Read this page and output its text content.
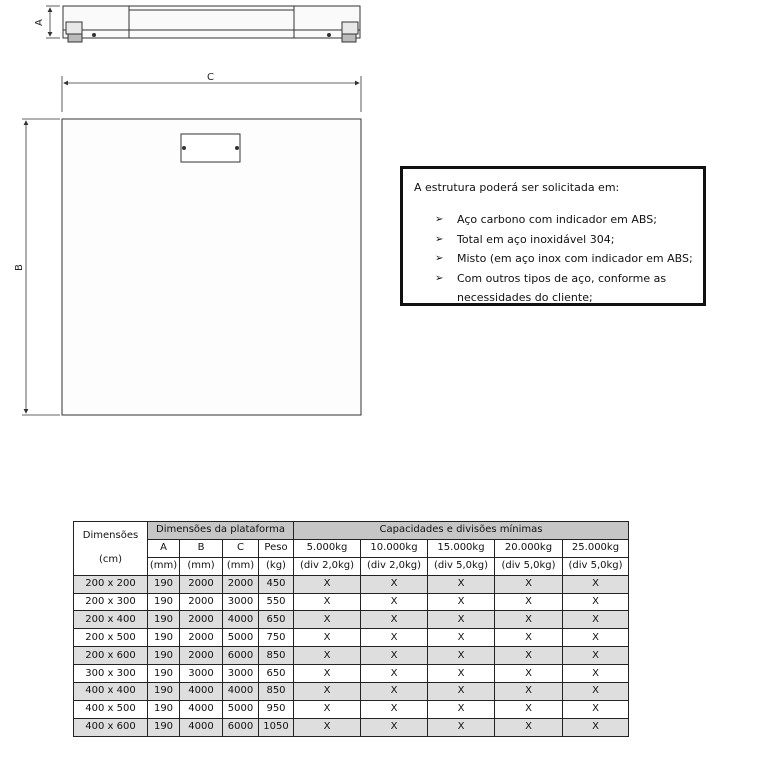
A
C
B
A estrutura poderá ser solicitada em:
➢ Aço carbono com indicador em ABS;
➢ Total em aço inoxidável 304;
➢ Misto (em aço inox com indicador em ABS;
➢ Com outros tipos de aço, conforme as
necessidades do cliente;
Dimensões
(cm)	Dimensões da plataforma				Capacidades e divisões mínimas				
	A	B	C	Peso	5.000kg	10.000kg	15.000kg	20.000kg	25.000kg
	(mm)	(mm)	(mm)	(kg)	(div 2,0kg)	(div 2,0kg)	(div 5,0kg)	(div 5,0kg)	(div 5,0kg)
200 x 200	190	2000	2000	450	X	X	X	X	X
200 x 300	190	2000	3000	550	X	X	X	X	X
200 x 400	190	2000	4000	650	X	X	X	X	X
200 x 500	190	2000	5000	750	X	X	X	X	X
200 x 600	190	2000	6000	850	X	X	X	X	X
300 x 300	190	3000	3000	650	X	X	X	X	X
400 x 400	190	4000	4000	850	X	X	X	X	X
400 x 500	190	4000	5000	950	X	X	X	X	X
400 x 600	190	4000	6000	1050	X	X	X	X	X
